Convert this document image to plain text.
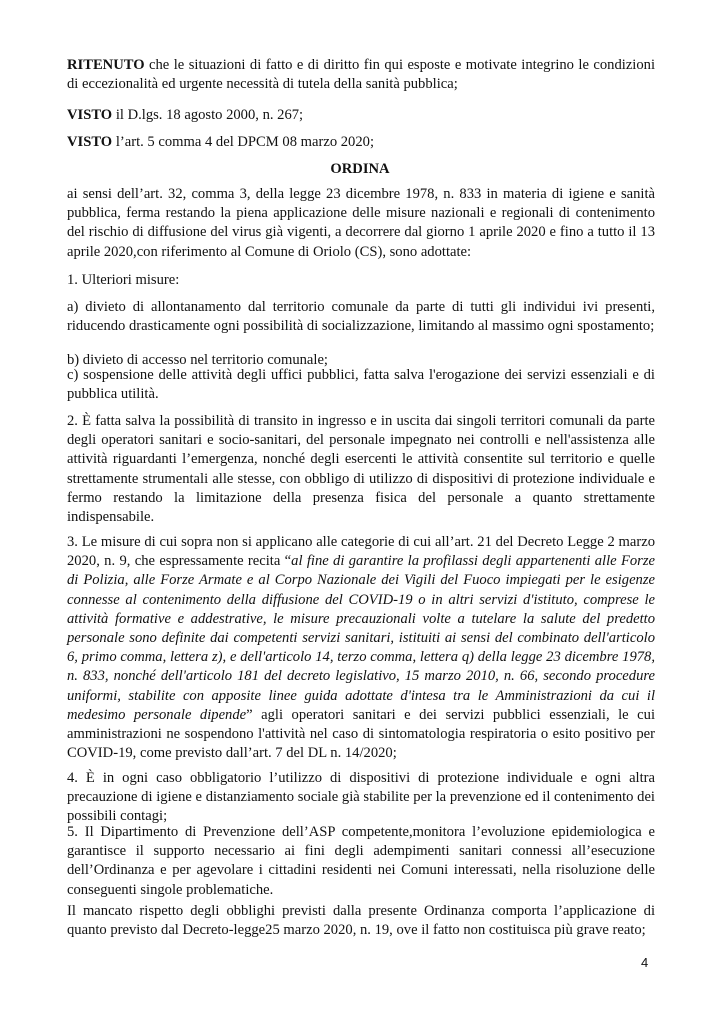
RITENUTO che le situazioni di fatto e di diritto fin qui esposte e motivate integrino le condizioni di eccezionalità ed urgente necessità di tutela della sanità pubblica;

VISTO il D.lgs. 18 agosto 2000, n. 267;

VISTO l’art. 5 comma 4 del DPCM 08 marzo 2020;

ORDINA

ai sensi dell’art. 32, comma 3, della legge 23 dicembre 1978, n. 833 in materia di igiene e sanità pubblica, ferma restando la piena applicazione delle misure nazionali e regionali di contenimento del rischio di diffusione del virus già vigenti, a decorrere dal giorno 1 aprile 2020 e fino a tutto il 13 aprile 2020,con riferimento al Comune di Oriolo (CS), sono adottate:

1. Ulteriori misure:

a) divieto di allontanamento dal territorio comunale da parte di tutti gli individui ivi presenti, riducendo drasticamente ogni possibilità di socializzazione, limitando al massimo ogni spostamento;

b) divieto di accesso nel territorio comunale;

c) sospensione delle attività degli uffici pubblici, fatta salva l'erogazione dei servizi essenziali e di pubblica utilità.

2. È fatta salva la possibilità di transito in ingresso e in uscita dai singoli territori comunali da parte degli operatori sanitari e socio-sanitari, del personale impegnato nei controlli e nell'assistenza alle attività riguardanti l’emergenza, nonché degli esercenti le attività consentite sul territorio e quelle strettamente strumentali alle stesse, con obbligo di utilizzo di dispositivi di protezione individuale e fermo restando la limitazione della presenza fisica del personale a quanto strettamente indispensabile.

3. Le misure di cui sopra non si applicano alle categorie di cui all’art. 21 del Decreto Legge 2 marzo 2020, n. 9, che espressamente recita “al fine di garantire la profilassi degli appartenenti alle Forze di Polizia, alle Forze Armate e al Corpo Nazionale dei Vigili del Fuoco impiegati per le esigenze connesse al contenimento della diffusione del COVID-19 o in altri servizi d'istituto, comprese le attività formative e addestrative, le misure precauzionali volte a tutelare la salute del predetto personale sono definite dai competenti servizi sanitari, istituiti ai sensi del combinato dell'articolo 6, primo comma, lettera z), e dell'articolo 14, terzo comma, lettera q) della legge 23 dicembre 1978, n. 833, nonché dell'articolo 181 del decreto legislativo, 15 marzo 2010, n. 66, secondo procedure uniformi, stabilite con apposite linee guida adottate d'intesa tra le Amministrazioni da cui il medesimo personale dipende” agli operatori sanitari e dei servizi pubblici essenziali, le cui amministrazioni ne sospendono l'attività nel caso di sintomatologia respiratoria o esito positivo per COVID-19, come previsto dall’art. 7 del DL n. 14/2020;

4. È in ogni caso obbligatorio l’utilizzo di dispositivi di protezione individuale e ogni altra precauzione di igiene e distanziamento sociale già stabilite per la prevenzione ed il contenimento dei possibili contagi;

5. Il Dipartimento di Prevenzione dell’ASP competente,monitora l’evoluzione epidemiologica e garantisce il supporto necessario ai fini degli adempimenti sanitari connessi all’esecuzione dell’Ordinanza e per agevolare i cittadini residenti nei Comuni interessati, nella risoluzione delle conseguenti singole problematiche.

Il mancato rispetto degli obblighi previsti dalla presente Ordinanza comporta l’applicazione di quanto previsto dal Decreto-legge25 marzo 2020, n. 19, ove il fatto non costituisca più grave reato;

4
